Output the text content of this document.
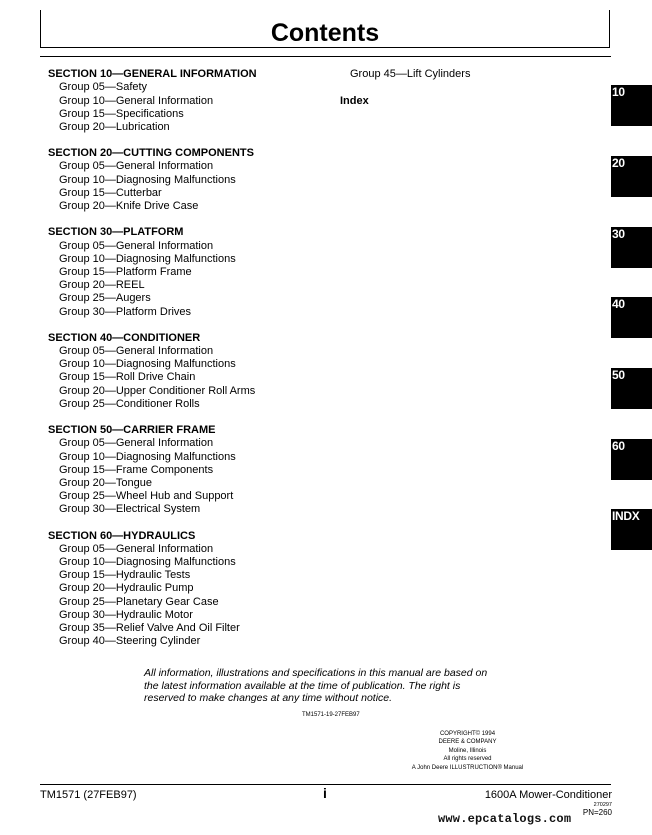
Contents
SECTION 10—GENERAL INFORMATION
Group 05—Safety
Group 10—General Information
Group 15—Specifications
Group 20—Lubrication
SECTION 20—CUTTING COMPONENTS
Group 05—General Information
Group 10—Diagnosing Malfunctions
Group 15—Cutterbar
Group 20—Knife Drive Case
SECTION 30—PLATFORM
Group 05—General Information
Group 10—Diagnosing Malfunctions
Group 15—Platform Frame
Group 20—REEL
Group 25—Augers
Group 30—Platform Drives
SECTION 40—CONDITIONER
Group 05—General Information
Group 10—Diagnosing Malfunctions
Group 15—Roll Drive Chain
Group 20—Upper Conditioner Roll Arms
Group 25—Conditioner Rolls
SECTION 50—CARRIER FRAME
Group 05—General Information
Group 10—Diagnosing Malfunctions
Group 15—Frame Components
Group 20—Tongue
Group 25—Wheel Hub and Support
Group 30—Electrical System
SECTION 60—HYDRAULICS
Group 05—General Information
Group 10—Diagnosing Malfunctions
Group 15—Hydraulic Tests
Group 20—Hydraulic Pump
Group 25—Planetary Gear Case
Group 30—Hydraulic Motor
Group 35—Relief Valve And Oil Filter
Group 40—Steering Cylinder
Group 45—Lift Cylinders
Index
10
20
30
40
50
60
INDX
All information, illustrations and specifications in this manual are based on
the latest information available at the time of publication. The right is
reserved to make changes at any time without notice.
TM1571-19-27FEB97
COPYRIGHT© 1994
DEERE & COMPANY
Moline, Illinois
All rights reserved
A John Deere ILLUSTRUCTION® Manual
TM1571 (27FEB97)	i	1600A Mower-Conditioner
270297
PN=260
www.epcatalogs.com
